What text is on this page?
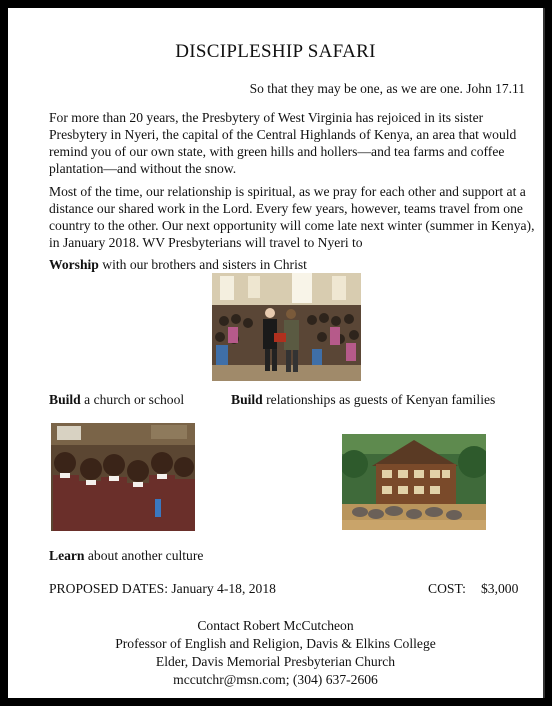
DISCIPLESHIP SAFARI
So that they may be one, as we are one. John 17.11

For more than 20 years, the Presbytery of West Virginia has rejoiced in its sister Presbytery in Nyeri, the capital of the Central Highlands of Kenya, an area that would remind you of our own state, with green hills and hollers—and tea farms and coffee plantation—and without the snow.

Most of the time, our relationship is spiritual, as we pray for each other and support at a distance our shared work in the Lord. Every few years, however, teams travel from one country to the other. Our next opportunity will come late next winter (summer in Kenya), in January 2018. WV Presbyterians will travel to Nyeri to

Worship with our brothers and sisters in Christ
Build a church or school	Build relationships as guests of Kenyan families
Learn about another culture
PROPOSED DATES: January 4-18, 2018	COST: $3,000
Contact Robert McCutcheon
Professor of English and Religion, Davis & Elkins College
Elder, Davis Memorial Presbyterian Church
mccutchr@msn.com; (304) 637-2606
